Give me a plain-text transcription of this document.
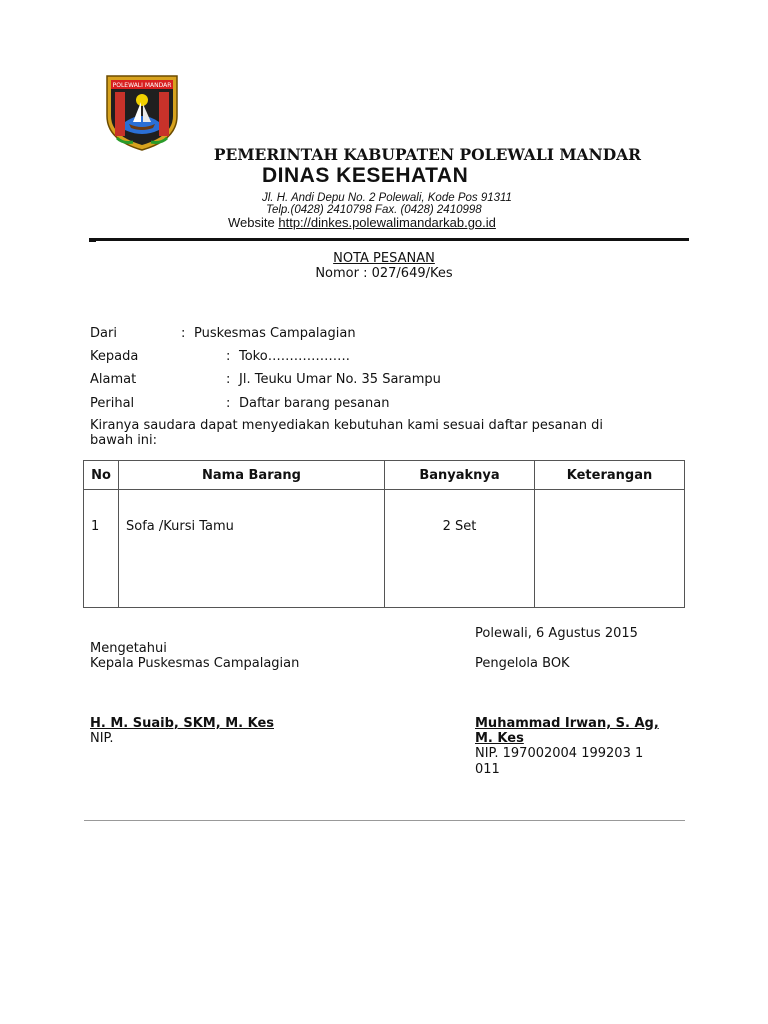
POLEWALI MANDAR
PEMERINTAH KABUPATEN POLEWALI MANDAR
DINAS KESEHATAN
Jl. H. Andi Depu No. 2 Polewali, Kode Pos 91311
Telp.(0428) 2410798 Fax. (0428) 2410998
Website http://dinkes.polewalimandarkab.go.id
NOTA PESANAN
Nomor : 027/649/Kes
Dari	: Puskesmas Campalagian
Kepada	: Toko……………….
Alamat	: Jl. Teuku Umar No. 35 Sarampu
Perihal	: Daftar barang pesanan
Kiranya saudara dapat menyediakan kebutuhan kami sesuai daftar pesanan di
bawah ini:
No	Nama Barang	Banyaknya	Keterangan
1	Sofa /Kursi Tamu	2 Set	
Polewali, 6 Agustus 2015
Mengetahui
Kepala Puskesmas Campalagian	Pengelola BOK
H. M. Suaib, SKM, M. Kes
NIP.
Muhammad Irwan, S. Ag,
M. Kes
NIP. 197002004 199203 1
011
